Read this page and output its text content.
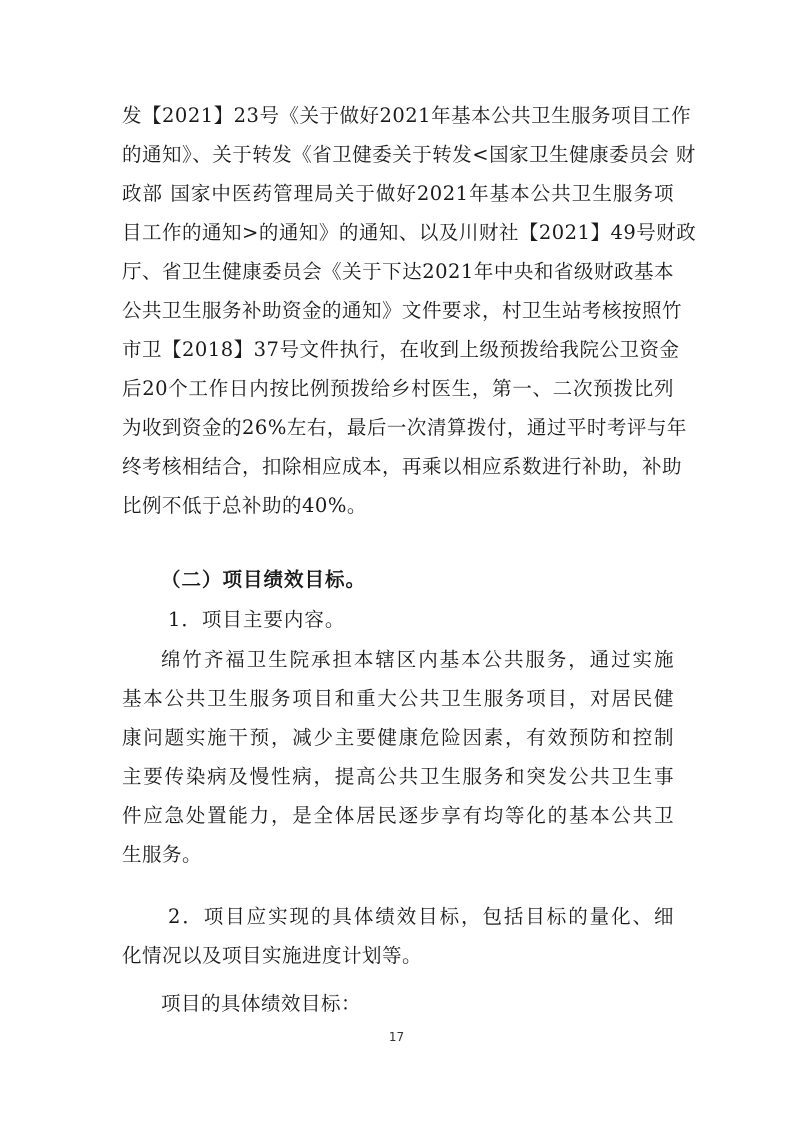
发【2021】23号《关于做好2021年基本公共卫生服务项目工作
的通知》、关于转发《省卫健委关于转发<国家卫生健康委员会 财
政部 国家中医药管理局关于做好2021年基本公共卫生服务项
目工作的通知>的通知》的通知、以及川财社【2021】49号财政
厅、省卫生健康委员会《关于下达2021年中央和省级财政基本
公共卫生服务补助资金的通知》文件要求，村卫生站考核按照竹
市卫【2018】37号文件执行，在收到上级预拨给我院公卫资金
后20个工作日内按比例预拨给乡村医生，第一、二次预拨比列
为收到资金的26%左右，最后一次清算拨付，通过平时考评与年
终考核相结合，扣除相应成本，再乘以相应系数进行补助，补助
比例不低于总补助的40%。
（二）项目绩效目标。
1．项目主要内容。
绵竹齐福卫生院承担本辖区内基本公共服务，通过实施
基本公共卫生服务项目和重大公共卫生服务项目，对居民健
康问题实施干预，减少主要健康危险因素，有效预防和控制
主要传染病及慢性病，提高公共卫生服务和突发公共卫生事
件应急处置能力，是全体居民逐步享有均等化的基本公共卫
生服务。
2．项目应实现的具体绩效目标，包括目标的量化、细
化情况以及项目实施进度计划等。
项目的具体绩效目标：
17
